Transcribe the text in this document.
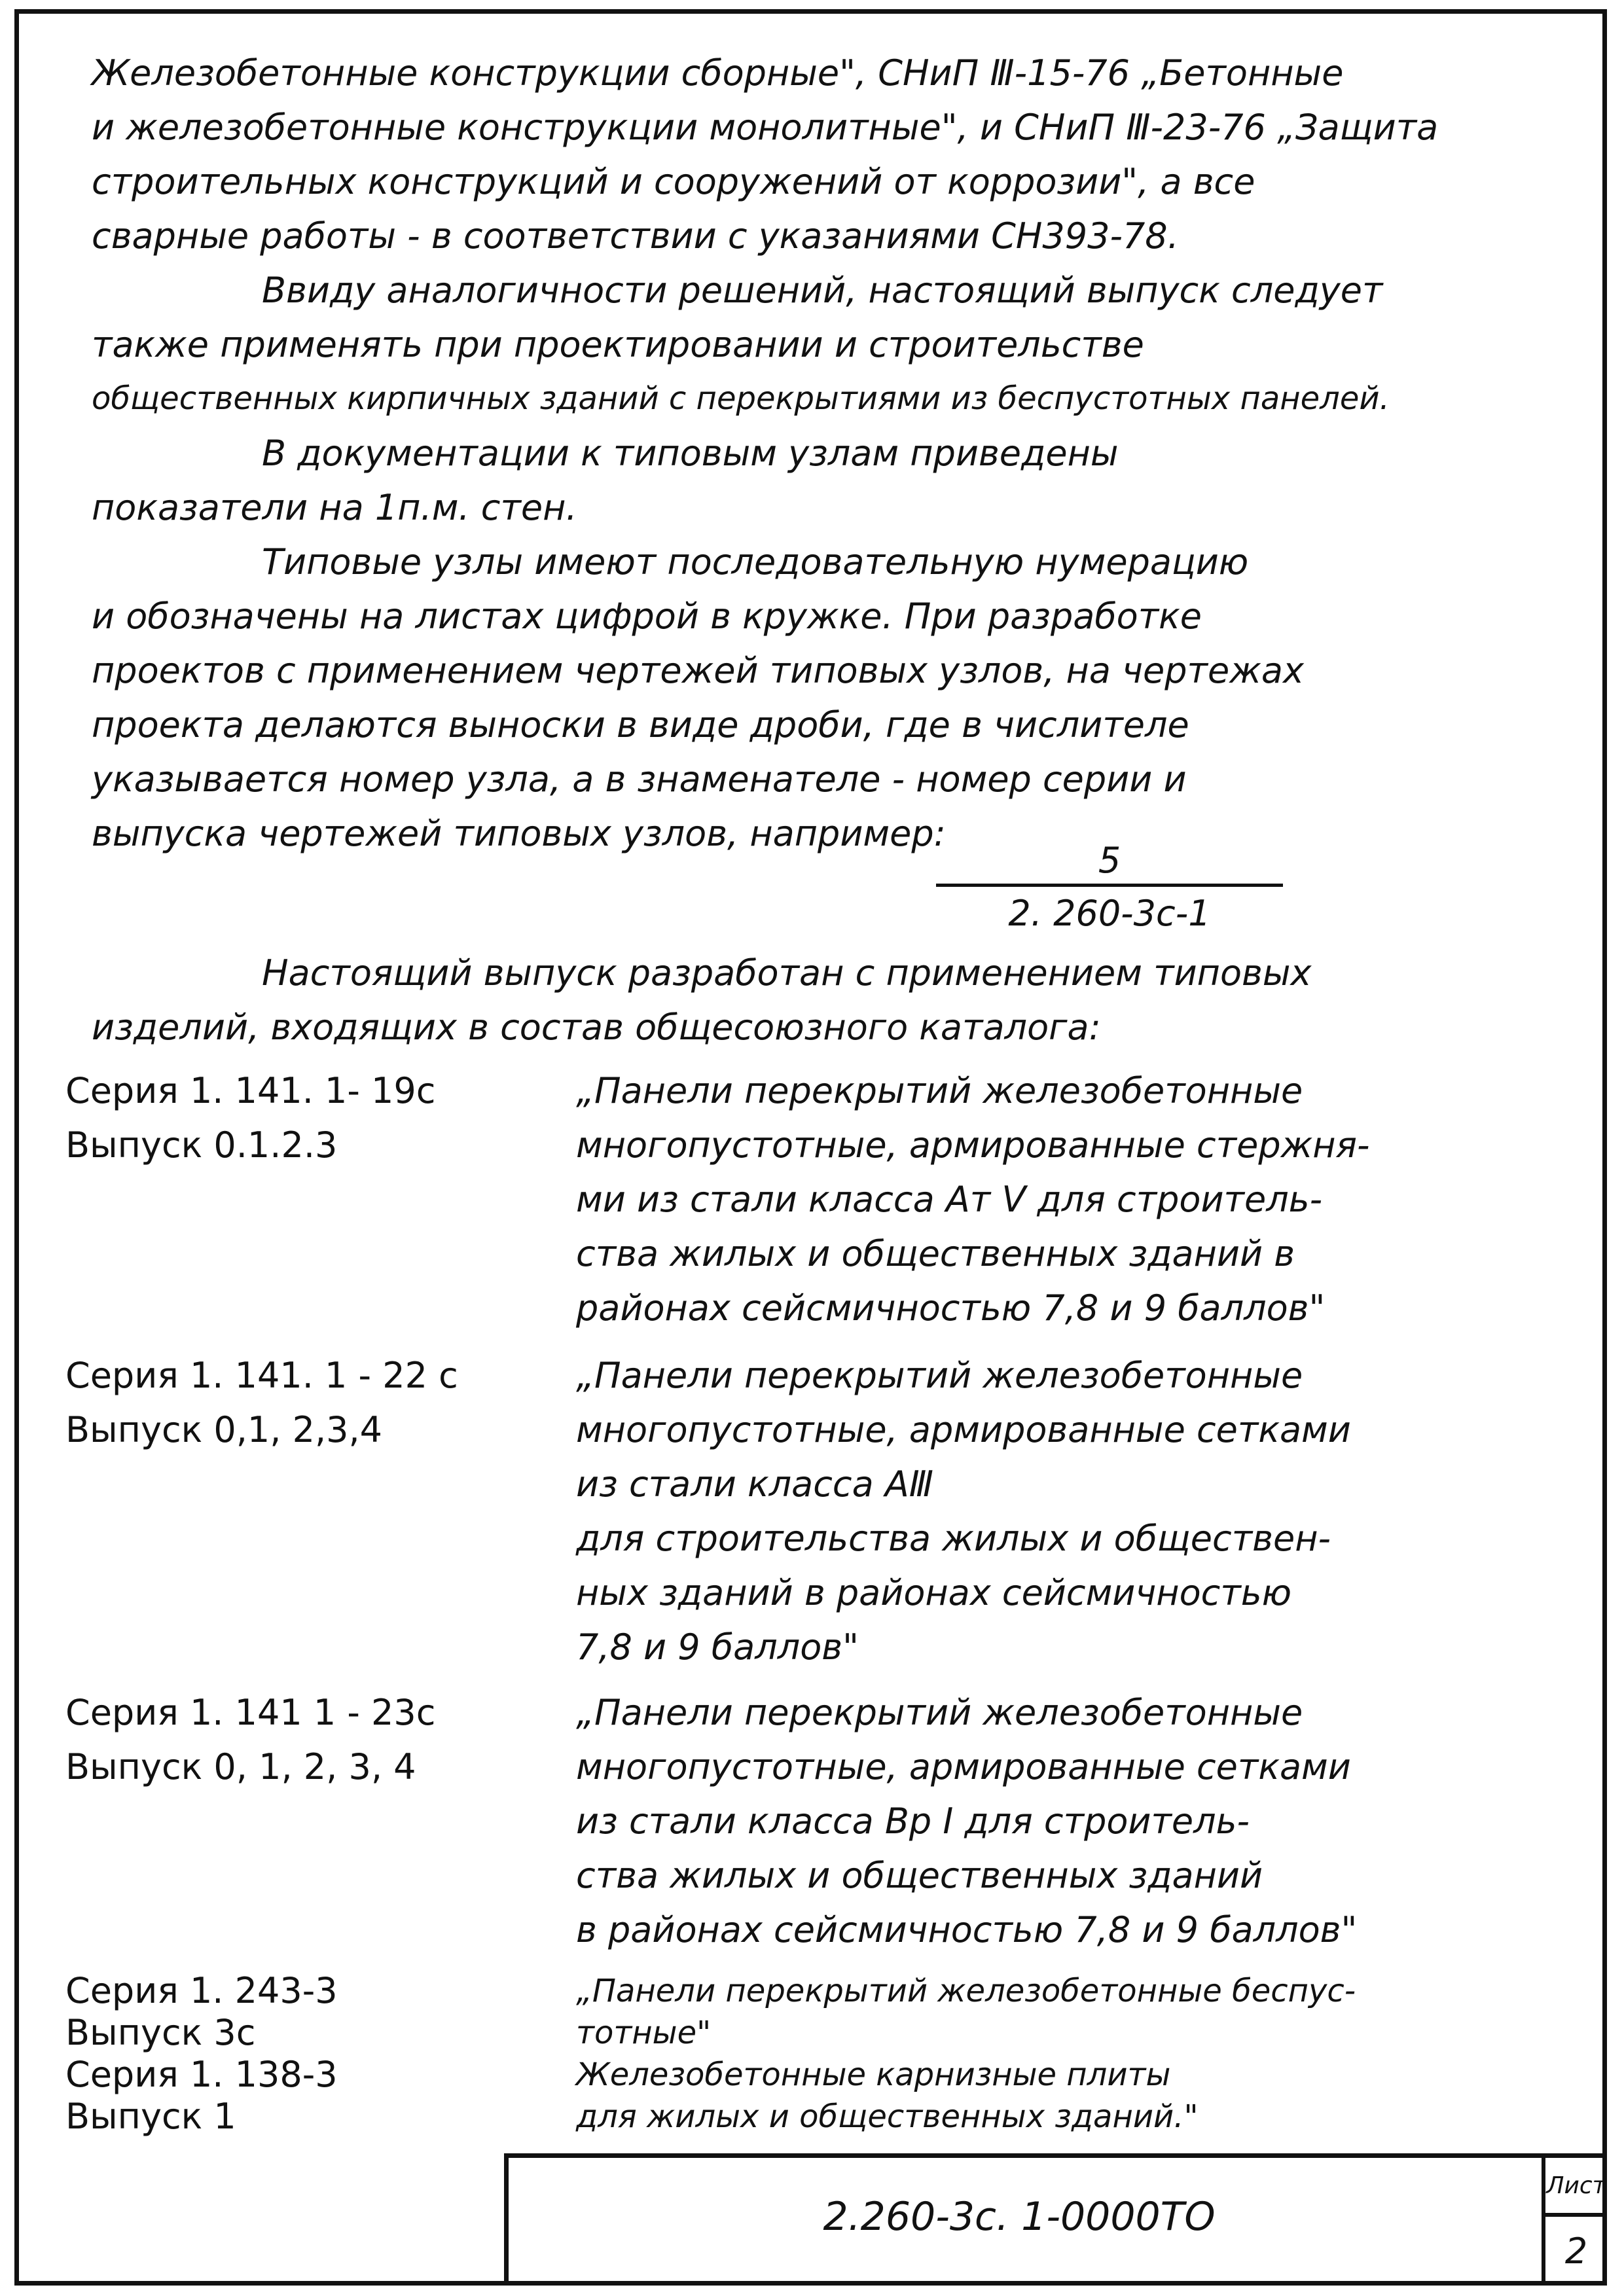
Железобетонные конструкции сборные", СНиП Ⅲ-15-76 „Бетонные
и железобетонные конструкции монолитные", и СНиП Ⅲ-23-76 „Защита
строительных конструкций и сооружений от коррозии", а все
сварные работы - в соответствии с указаниями СН393-78.

Ввиду аналогичности решений, настоящий выпуск следует
также применять при проектировании и строительстве
общественных кирпичных зданий с перекрытиями из беспустотных панелей.

В документации к типовым узлам приведены
показатели на 1п.м. стен.

Типовые узлы имеют последовательную нумерацию
и обозначены на листах цифрой в кружке. При разработке
проектов с применением чертежей типовых узлов, на чертежах
проекта делаются выноски в виде дроби, где в числителе
указывается номер узла, а в знаменателе - номер серии и
выпуска чертежей типовых узлов, например:

5
2. 260-3с-1

Настоящий выпуск разработан с применением типовых
изделий, входящих в состав общесоюзного каталога:

Серия 1. 141. 1- 19с
Выпуск 0.1.2.3
„Панели перекрытий железобетонные
многопустотные, армированные стержня-
ми из стали класса Aт V для строитель-
ства жилых и общественных зданий в
районах сейсмичностью 7,8 и 9 баллов"
Серия 1. 141. 1 - 22 с
Выпуск 0,1, 2,3,4
„Панели перекрытий железобетонные
многопустотные, армированные сетками
из стали класса AⅢ
для строительства жилых и обществен-
ных зданий в районах сейсмичностью
7,8 и 9 баллов"
Серия 1. 141 1 - 23с
Выпуск 0, 1, 2, 3, 4
„Панели перекрытий железобетонные
многопустотные, армированные сетками
из стали класса Вр I для строитель-
ства жилых и общественных зданий
в районах сейсмичностью 7,8 и 9 баллов"
Серия 1. 243-3
Выпуск 3с
Серия 1. 138-3
Выпуск 1
„Панели перекрытий железобетонные беспус-
тотные"
Железобетонные карнизные плиты
для жилых и общественных зданий."
2.260-3с. 1-0000ТО
Лист
2
